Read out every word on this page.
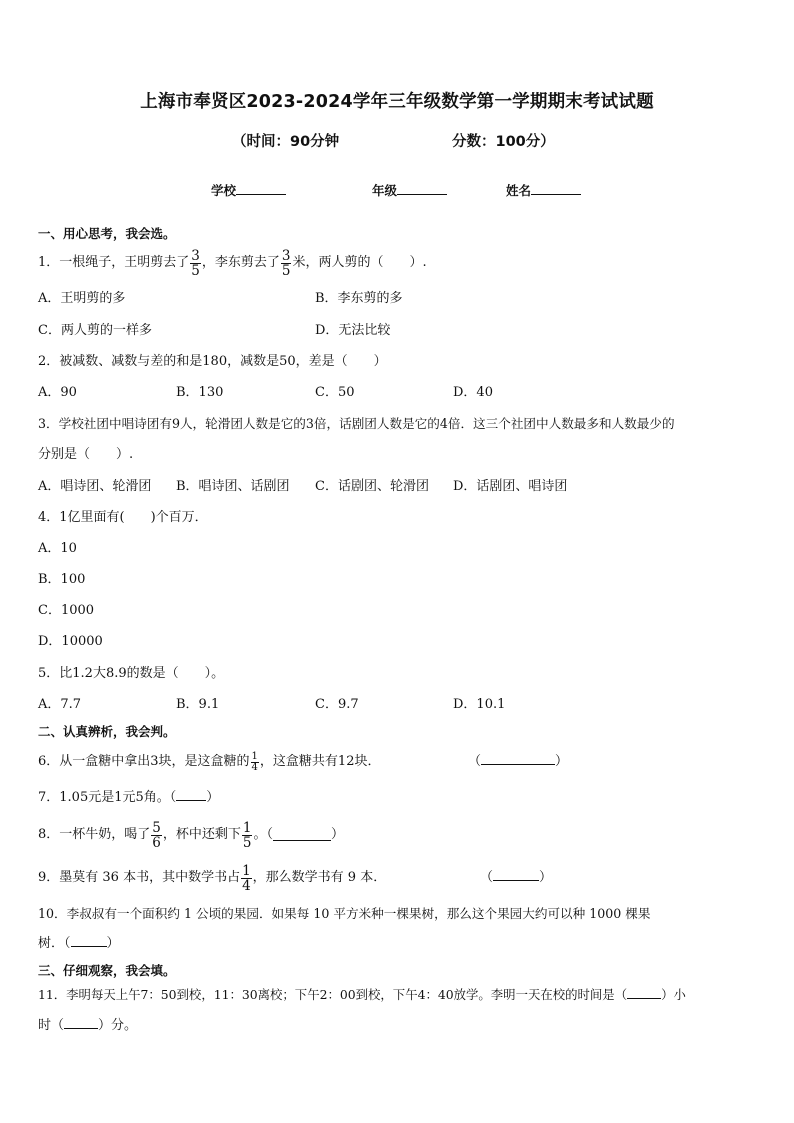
上海市奉贤区2023-2024学年三年级数学第一学期期末考试试题
（时间：90分钟	分数：100分）
学校	年级	姓名
一、用心思考，我会选。
1．一根绳子，王明剪去了 $\frac{3}{5}$ ，李东剪去了 $\frac{3}{5}$ 米，两人剪的（　　）.
A．王明剪的多	B．李东剪的多
C．两人剪的一样多	D．无法比较
2．被减数、减数与差的和是180，减数是50，差是（　　）
A．90	B．130	C．50	D．40
3．学校社团中唱诗团有9人，轮滑团人数是它的3倍，话剧团人数是它的4倍．这三个社团中人数最多和人数最少的
分别是（　　）.
A．唱诗团、轮滑团 B．唱诗团、话剧团 C．话剧团、轮滑团 D．话剧团、唱诗团
4．1亿里面有(　　)个百万．
A．10
B．100
C．1000
D．10000
5．比1.2大8.9的数是（　　）。
A．7.7	B．9.1	C．9.7	D．10.1
二、认真辨析，我会判。
6．从一盒糖中拿出3块，是这盒糖的 $\frac{1}{4}$ ，这盒糖共有12块．	（	）
7．1.05元是1元5角。（ ）
8．一杯牛奶，喝了 $\frac{5}{6}$ ，杯中还剩下 $\frac{1}{5}$ 。（	）
9．墨莫有 36 本书，其中数学书占 $\frac{1}{4}$ ，那么数学书有 9 本．	（	）
10．李叔叔有一个面积约 1 公顷的果园．如果每 10 平方米种一棵果树，那么这个果园大约可以种 1000 棵果
树．（	）
三、仔细观察，我会填。
11．李明每天上午7：50到校，11：30离校；下午2：00到校，下午4：40放学。李明一天在校的时间是（	）小
时（	）分。
